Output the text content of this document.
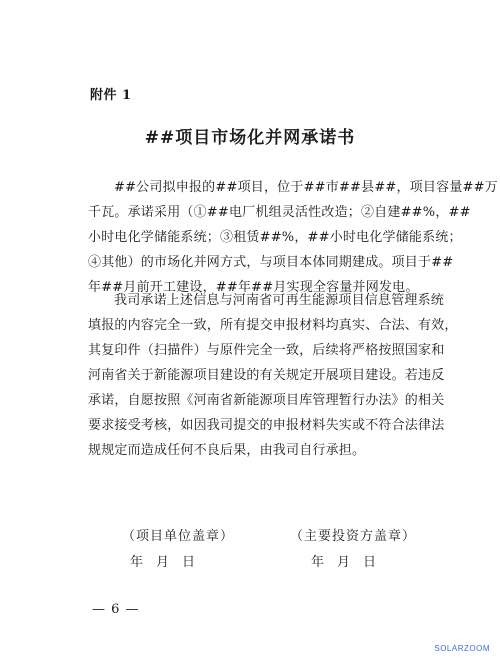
附件 1
##项目市场化并网承诺书
##公司拟申报的##项目，位于##市##县##，项目容量##万
千瓦。承诺采用（①##电厂机组灵活性改造；②自建##%，##
小时电化学储能系统；③租赁##%，##小时电化学储能系统；
④其他）的市场化并网方式，与项目本体同期建成。项目于##
年##月前开工建设，##年##月实现全容量并网发电。
我司承诺上述信息与河南省可再生能源项目信息管理系统
填报的内容完全一致，所有提交申报材料均真实、合法、有效，
其复印件（扫描件）与原件完全一致，后续将严格按照国家和
河南省关于新能源项目建设的有关规定开展项目建设。若违反
承诺，自愿按照《河南省新能源项目库管理暂行办法》的相关
要求接受考核，如因我司提交的申报材料失实或不符合法律法
规规定而造成任何不良后果，由我司自行承担。
（项目单位盖章）	（主要投资方盖章）
年 月 日	年 月 日
— 6 —
SOLARZOOM
